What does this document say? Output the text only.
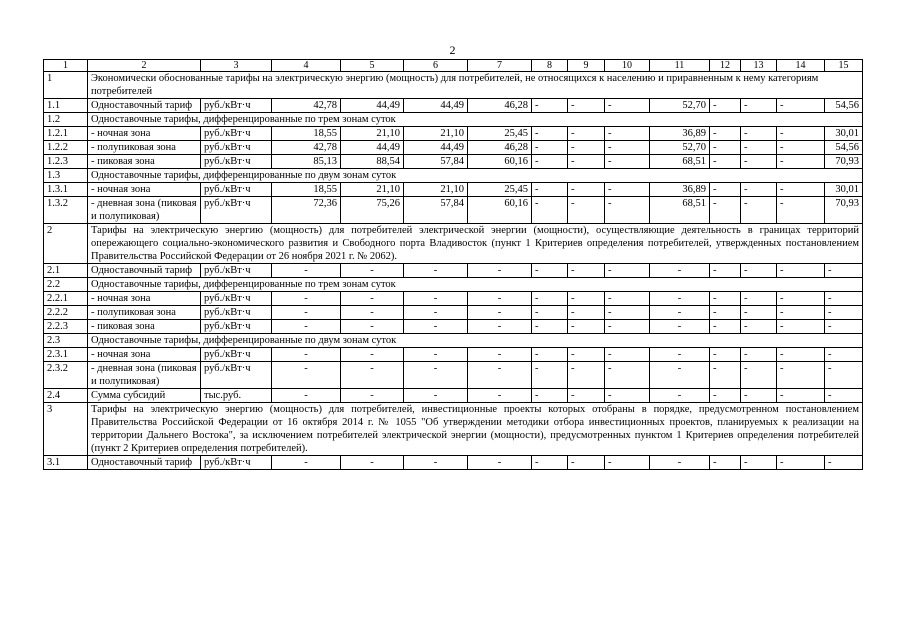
2
1	2	3	4	5	6	7	8	9	10	11	12	13	14	15
1	Экономически обоснованные тарифы на электрическую энергию (мощность) для потребителей, не относящихся к населению и приравненным к нему категориям потребителей													
1.1	Одноставочный тариф	руб./кВт·ч	42,78	44,49	44,49	46,28	-	-	-	52,70	-	-	-	54,56
1.2	Одноставочные тарифы, дифференцированные по трем зонам суток													
1.2.1	- ночная зона	руб./кВт·ч	18,55	21,10	21,10	25,45	-	-	-	36,89	-	-	-	30,01
1.2.2	- полупиковая зона	руб./кВт·ч	42,78	44,49	44,49	46,28	-	-	-	52,70	-	-	-	54,56
1.2.3	- пиковая зона	руб./кВт·ч	85,13	88,54	57,84	60,16	-	-	-	68,51	-	-	-	70,93
1.3	Одноставочные тарифы, дифференцированные по двум зонам суток													
1.3.1	- ночная зона	руб./кВт·ч	18,55	21,10	21,10	25,45	-	-	-	36,89	-	-	-	30,01
1.3.2	- дневная зона (пиковая и полупиковая)	руб./кВт·ч	72,36	75,26	57,84	60,16	-	-	-	68,51	-	-	-	70,93
2	Тарифы на электрическую энергию (мощность) для потребителей электрической энергии (мощности), осуществляющие деятельность в границах территорий опережающего социально-экономического развития и Свободного порта Владивосток (пункт 1 Критериев определения потребителей, утвержденных постановлением Правительства Российской Федерации от 26 ноября 2021 г. № 2062).													
2.1	Одноставочный тариф	руб./кВт·ч	-	-	-	-	-	-	-	-	-	-	-	-
2.2	Одноставочные тарифы, дифференцированные по трем зонам суток													
2.2.1	- ночная зона	руб./кВт·ч	-	-	-	-	-	-	-	-	-	-	-	-
2.2.2	- полупиковая зона	руб./кВт·ч	-	-	-	-	-	-	-	-	-	-	-	-
2.2.3	- пиковая зона	руб./кВт·ч	-	-	-	-	-	-	-	-	-	-	-	-
2.3	Одноставочные тарифы, дифференцированные по двум зонам суток													
2.3.1	- ночная зона	руб./кВт·ч	-	-	-	-	-	-	-	-	-	-	-	-
2.3.2	- дневная зона (пиковая и полупиковая)	руб./кВт·ч	-	-	-	-	-	-	-	-	-	-	-	-
2.4	Сумма субсидий	тыс.руб.	-	-	-	-	-	-	-	-	-	-	-	-
3	Тарифы на электрическую энергию (мощность) для потребителей, инвестиционные проекты которых отобраны в порядке, предусмотренном постановлением Правительства Российской Федерации от 16 октября 2014 г. № 1055 "Об утверждении методики отбора инвестиционных проектов, планируемых к реализации на территории Дальнего Востока", за исключением потребителей электрической энергии (мощности), предусмотренных пунктом 1 Критериев определения потребителей (пункт 2 Критериев определения потребителей).													
3.1	Одноставочный тариф	руб./кВт·ч	-	-	-	-	-	-	-	-	-	-	-	-
